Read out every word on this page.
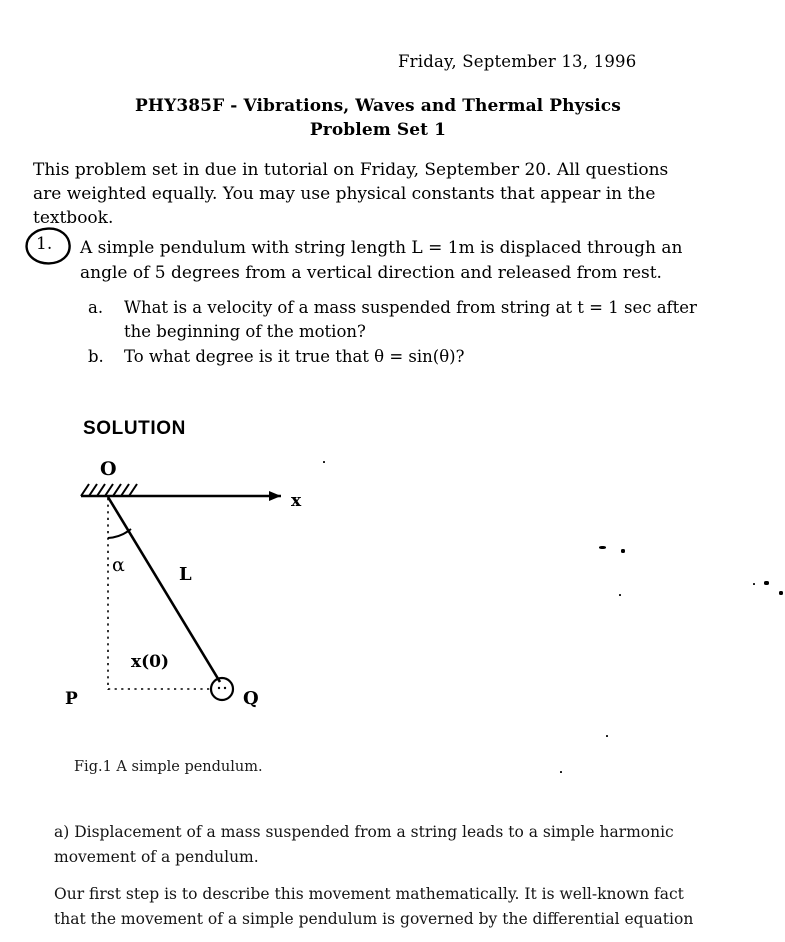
Friday, September 13, 1996
PHY385F - Vibrations, Waves and Thermal Physics
Problem Set 1
This problem set in due in tutorial on Friday, September 20. All questions are weighted equally. You may use physical constants that appear in the textbook.
1. A simple pendulum with string length L = 1m is displaced through an angle of 5 degrees from a vertical direction and released from rest.
a. What is a velocity of a mass suspended from string at t = 1 sec after the beginning of the motion?
b. To what degree is it true that θ = sin(θ)?
SOLUTION
O
x
α	L
x(0)
P	Q
Fig.1 A simple pendulum.
a) Displacement of a mass suspended from a string leads to a simple harmonic movement of a pendulum.
Our first step is to describe this movement mathematically. It is well-known fact that the movement of a simple pendulum is governed by the differential equation
